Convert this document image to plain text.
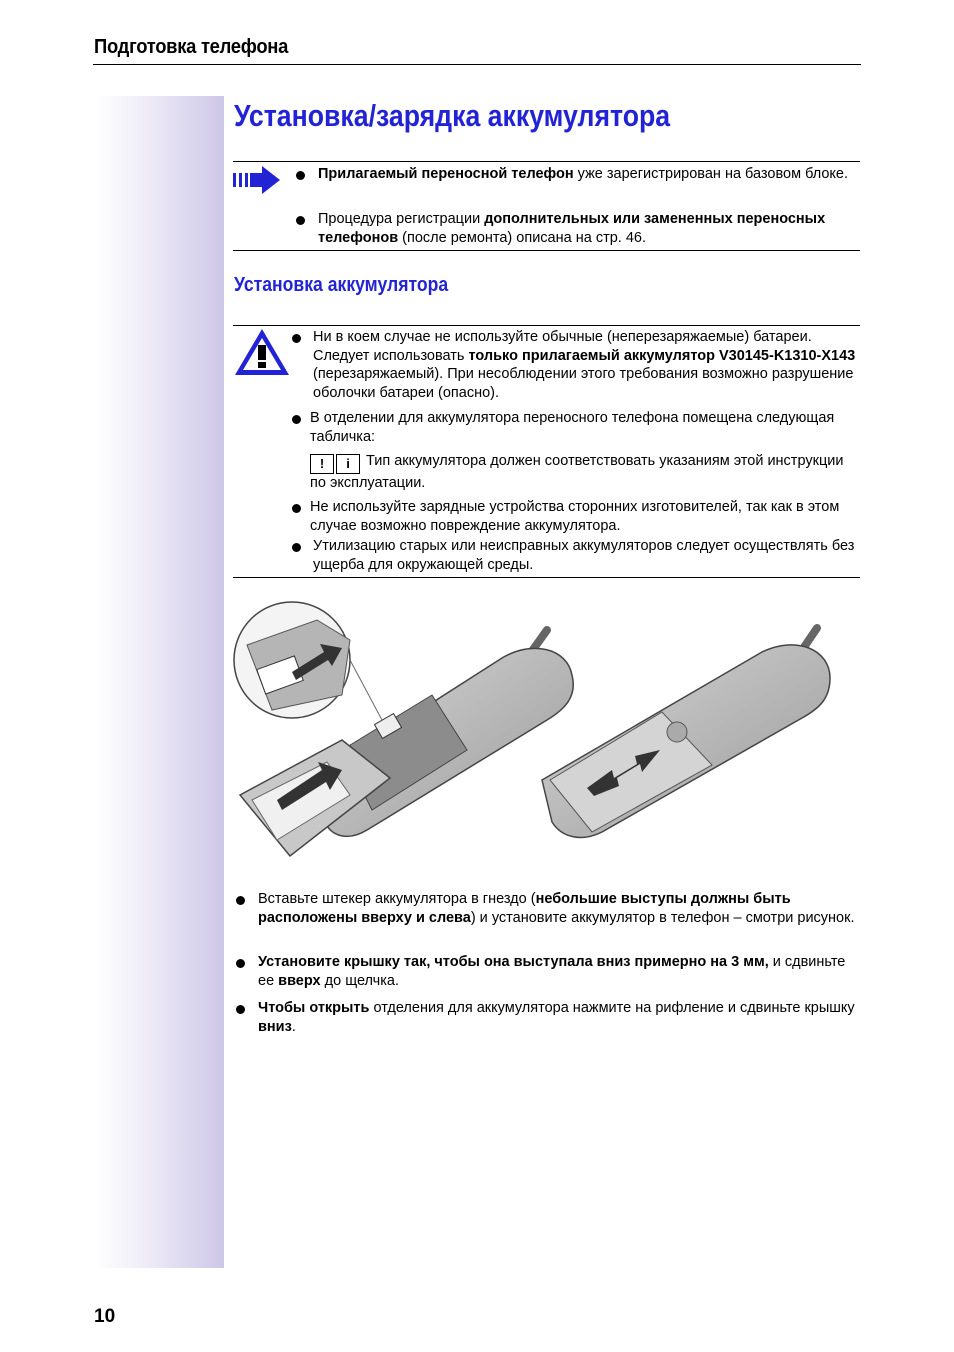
Подготовка телефона
Установка/зарядка аккумулятора
Прилагаемый переносной телефон уже зарегистрирован на базовом блоке.
Процедура регистрации дополнительных или замененных переносных телефонов (после ремонта) описана на стр. 46.
Установка аккумулятора
Ни в коем случае не используйте обычные (неперезаряжаемые) батареи. Следует использовать только прилагаемый аккумулятор V30145-K1310-X143 (перезаряжаемый). При несоблюдении этого требования возможно разрушение оболочки батареи (опасно).
В отделении для аккумулятора переносного телефона помещена следующая табличка:
! i Тип аккумулятора должен соответствовать указаниям этой инструкции по эксплуатации.
Не используйте зарядные устройства сторонних изготовителей, так как в этом случае возможно повреждение аккумулятора.
Утилизацию старых или неисправных аккумуляторов следует осуществлять без ущерба для окружающей среды.
Вставьте штекер аккумулятора в гнездо (небольшие выступы должны быть расположены вверху и слева) и установите аккумулятор в телефон – смотри рисунок.
Установите крышку так, чтобы она выступала вниз примерно на 3 мм, и сдвиньте ее вверх до щелчка.
Чтобы открыть отделения для аккумулятора нажмите на рифление и сдвиньте крышку вниз.
10
